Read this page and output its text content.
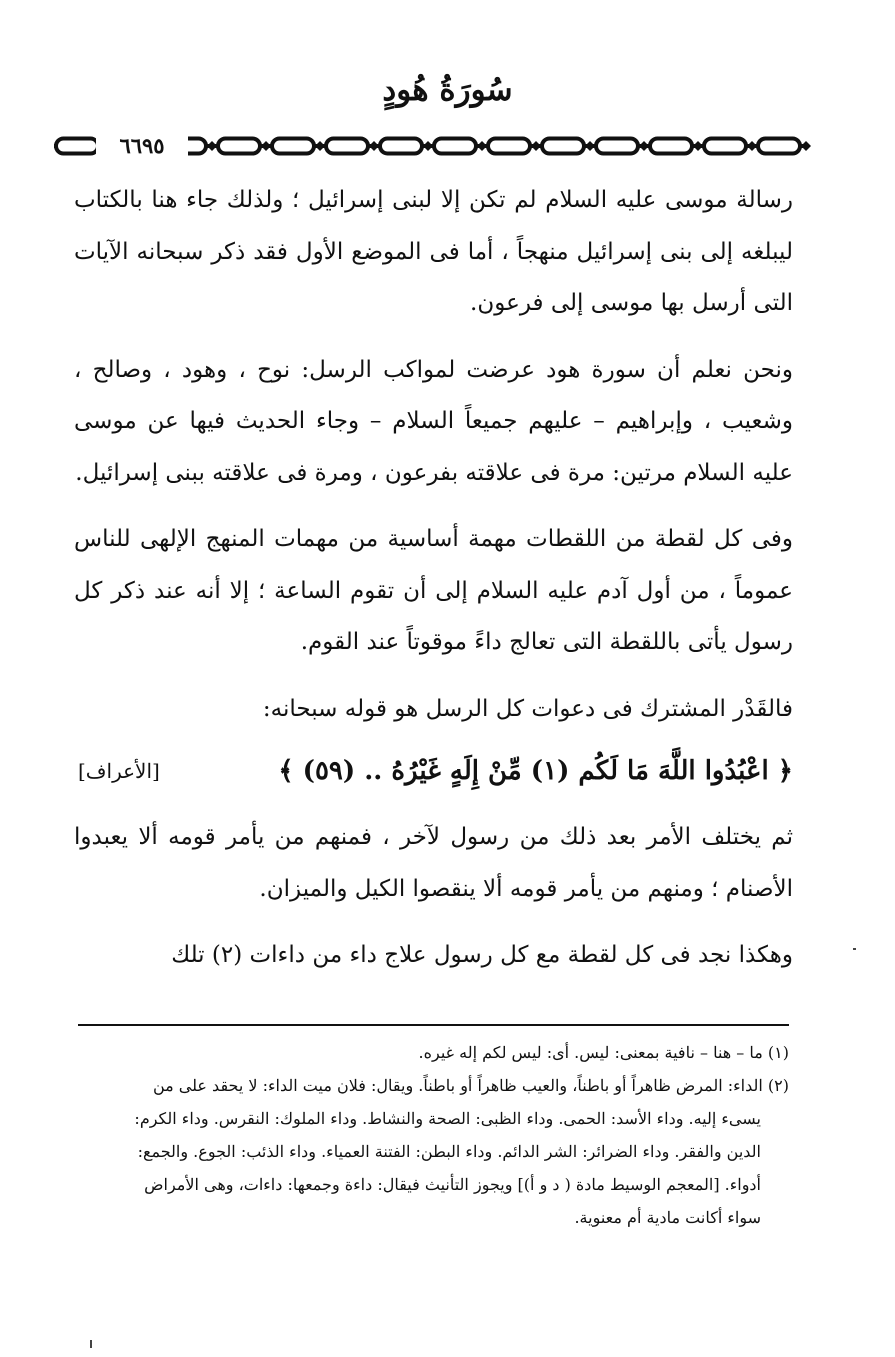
سُورَةُ هُودٍ
٦٦٩٥

رسالة موسى عليه السلام لم تكن إلا لبنى إسرائيل ؛ ولذلك جاء هنا بالكتاب ليبلغه إلى بنى إسرائيل منهجاً ، أما فى الموضع الأول فقد ذكر سبحانه الآيات التى أرسل بها موسى إلى فرعون.

ونحن نعلم أن سورة هود عرضت لمواكب الرسل: نوح ، وهود ، وصالح ، وشعيب ، وإبراهيم – عليهم جميعاً السلام – وجاء الحديث فيها عن موسى عليه السلام مرتين: مرة فى علاقته بفرعون ، ومرة فى علاقته ببنى إسرائيل.

وفى كل لقطة من اللقطات مهمة أساسية من مهمات المنهج الإلهى للناس عموماً ، من أول آدم عليه السلام إلى أن تقوم الساعة ؛ إلا أنه عند ذكر كل رسول يأتى باللقطة التى تعالج داءً موقوتاً عند القوم.

فالقَدْر المشترك فى دعوات كل الرسل هو قوله سبحانه:

﴿ اعْبُدُوا اللَّهَ مَا لَكُم (١) مِّنْ إِلَهٍ غَيْرُهُ .. (٥٩) ﴾
[الأعراف]

ثم يختلف الأمر بعد ذلك من رسول لآخر ، فمنهم من يأمر قومه ألا يعبدوا الأصنام ؛ ومنهم من يأمر قومه ألا ينقصوا الكيل والميزان.

وهكذا نجد فى كل لقطة مع كل رسول علاج داء من داءات (٢) تلك

(١) ما – هنا – نافية بمعنى: ليس. أى: ليس لكم إله غيره.

(٢) الداء: المرض ظاهراً أو باطناً، والعيب ظاهراً أو باطناً. ويقال: فلان ميت الداء: لا يحقد على من

يسىء إليه. وداء الأسد: الحمى. وداء الظبى: الصحة والنشاط. وداء الملوك: النقرس. وداء الكرم:

الدين والفقر. وداء الضرائر: الشر الدائم. وداء البطن: الفتنة العمياء. وداء الذئب: الجوع. والجمع:

أدواء. [المعجم الوسيط مادة ( د و أ)] ويجوز التأنيث فيقال: داءة وجمعها: داءات، وهى الأمراض

سواء أكانت مادية أم معنوية.
